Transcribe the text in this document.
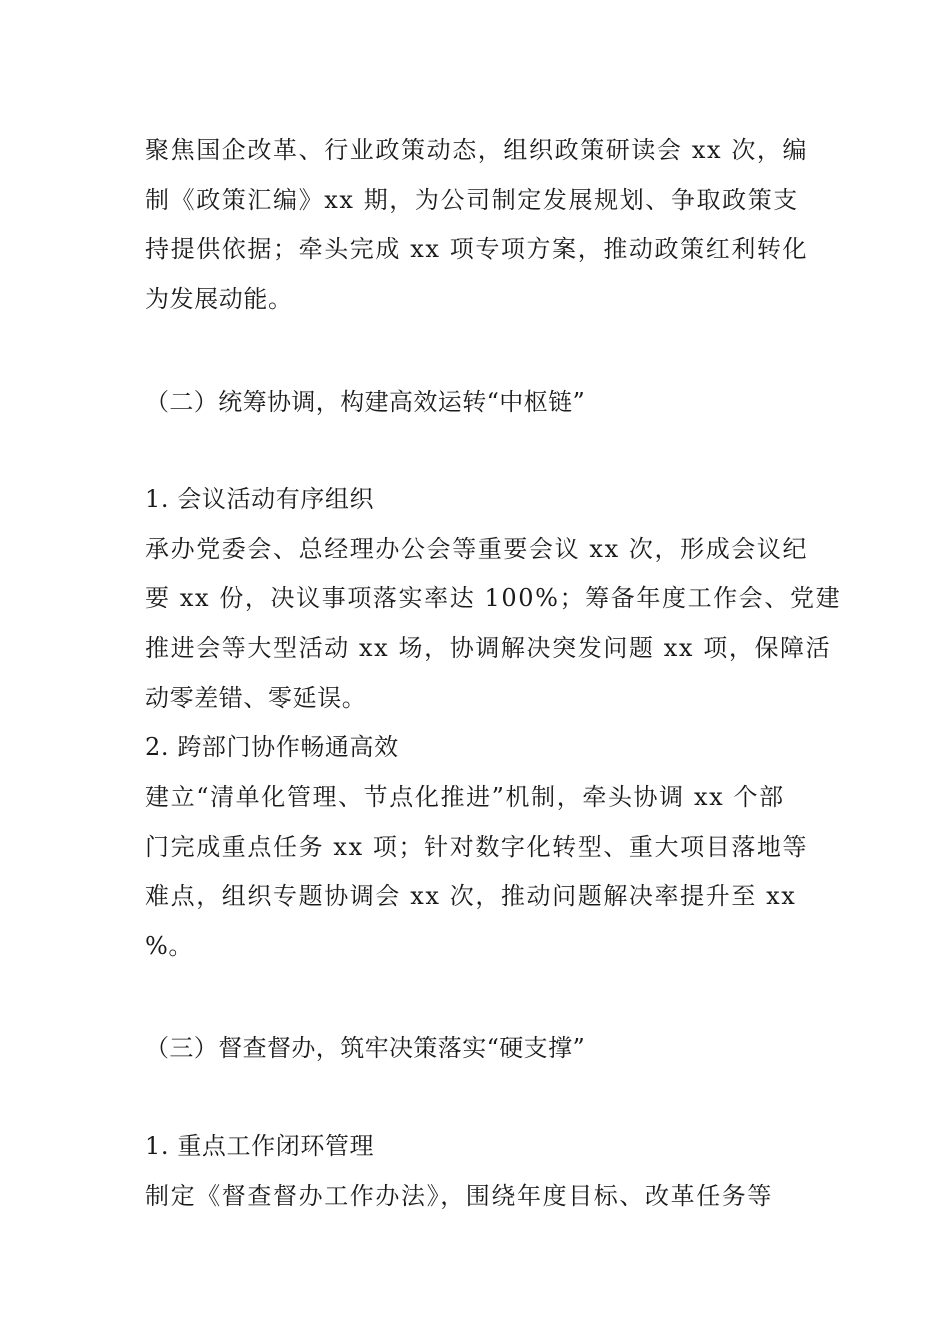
聚焦国企改革、行业政策动态，组织政策研读会 xx 次，编
制《政策汇编》xx 期，为公司制定发展规划、争取政策支
持提供依据；牵头完成 xx 项专项方案，推动政策红利转化
为发展动能。
（二）统筹协调，构建高效运转“中枢链”
1. 会议活动有序组织
承办党委会、总经理办公会等重要会议 xx 次，形成会议纪
要 xx 份，决议事项落实率达 100%；筹备年度工作会、党建
推进会等大型活动 xx 场，协调解决突发问题 xx 项，保障活
动零差错、零延误。
2. 跨部门协作畅通高效
建立“清单化管理、节点化推进”机制，牵头协调 xx 个部
门完成重点任务 xx 项；针对数字化转型、重大项目落地等
难点，组织专题协调会 xx 次，推动问题解决率提升至 xx
%。
（三）督查督办，筑牢决策落实“硬支撑”
1. 重点工作闭环管理
制定《督查督办工作办法》，围绕年度目标、改革任务等
